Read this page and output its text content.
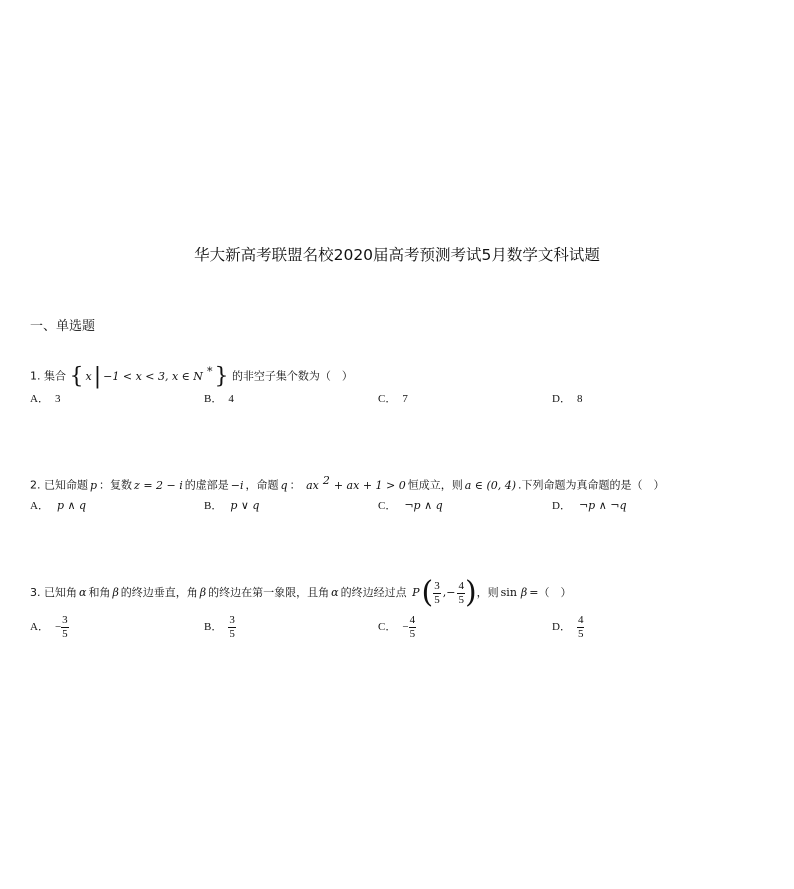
华大新高考联盟名校2020届高考预测考试5月数学文科试题
一、单选题
1. 集合 { x| −1 < x < 3, x ∈ N *} 的非空子集个数为（　）
A． 3	B． 4	C． 7	D． 8
2. 已知命题 p ：复数 z = 2 − i 的虚部是 −i ，命题 q ： ax $^2$ + ax + 1 > 0 恒成立，则 a ∈ (0, 4) .下列命题为真命题的是（　）
A． p ∧ q	B． p ∨ q	C． ¬p ∧ q	D． ¬p ∧ ¬q
3. 已知角 α 和角 β 的终边垂直，角 β 的终边在第一象限，且角 α 的终边经过点 $P( \frac{3}{5}$ ,− $\frac{4}{5}$ )，则 sin β =（　）
A． − $\frac{3}{5}$	B． $\frac{3}{5}$	C． − $\frac{4}{5}$	D． $\frac{4}{5}$
